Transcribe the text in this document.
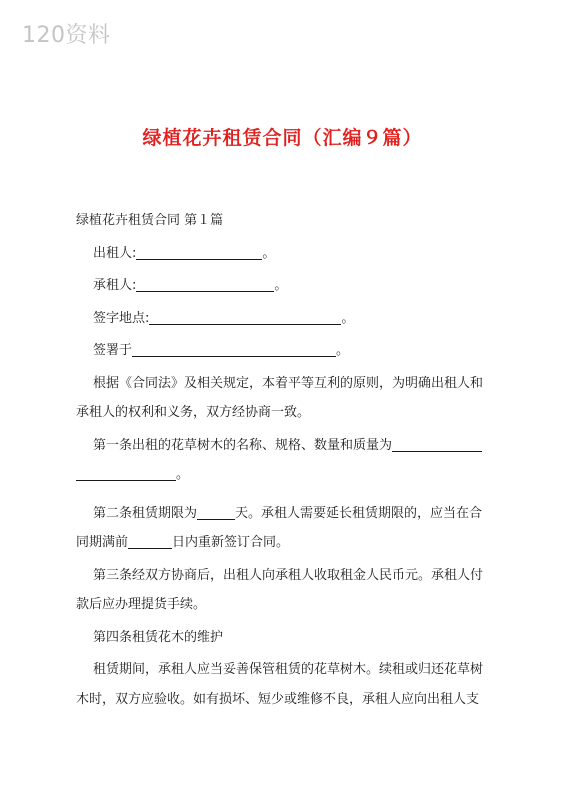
120资料
绿植花卉租赁合同（汇编９篇）
绿植花卉租赁合同 第１篇
出租人:	。
承租人:	。
签字地点:	。
签署于	。
根据《合同法》及相关规定，本着平等互利的原则，为明确出租人和
承租人的权利和义务，双方经协商一致。
第一条出租的花草树木的名称、规格、数量和质量为
。
第二条租赁期限为	天。承租人需要延长租赁期限的，应当在合
同期满前	日内重新签订合同。
第三条经双方协商后，出租人向承租人收取租金人民币元。承租人付
款后应办理提货手续。
第四条租赁花木的维护
租赁期间，承租人应当妥善保管租赁的花草树木。续租或归还花草树
木时，双方应验收。如有损坏、短少或维修不良，承租人应向出租人支
